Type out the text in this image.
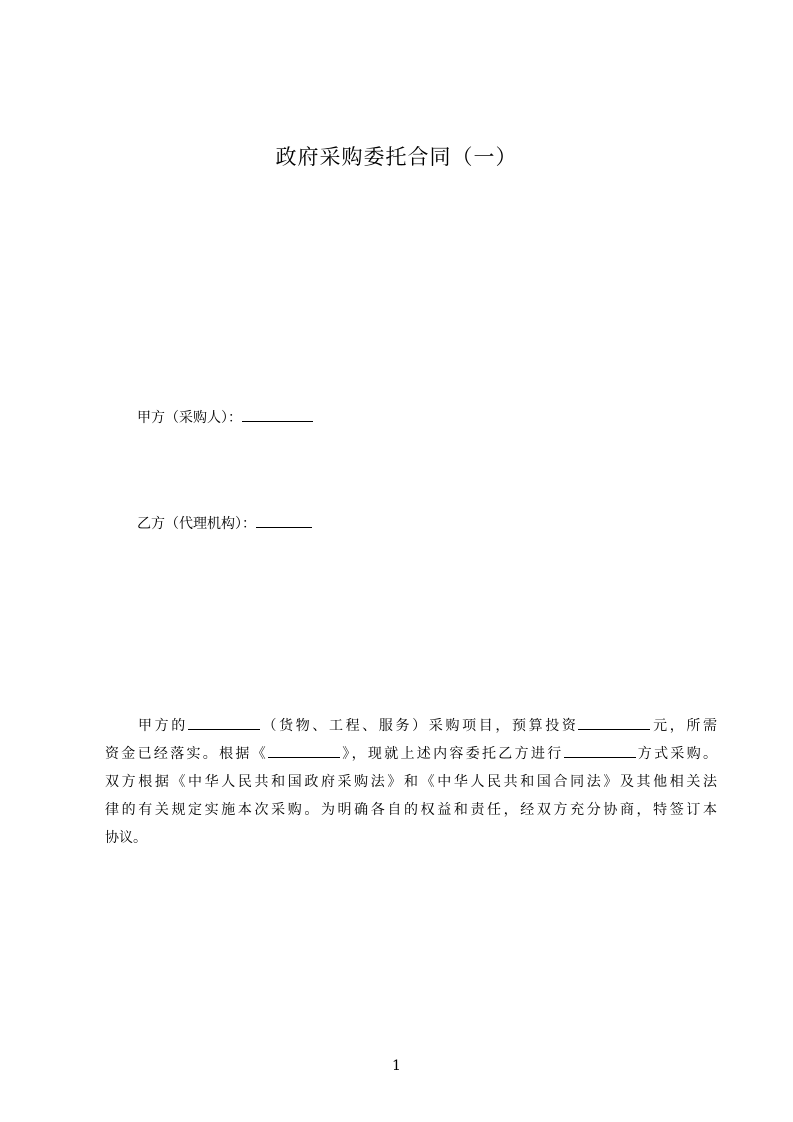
政府采购委托合同（一）
甲方（采购人）：
乙方（代理机构）：
甲方的	（货物、工程、服务）采购项目，预算投资	元，所需
资金已经落实。根据《	》，现就上述内容委托乙方进行	方式采购。
双方根据《中华人民共和国政府采购法》和《中华人民共和国合同法》及其他相关法
律的有关规定实施本次采购。为明确各自的权益和责任，经双方充分协商，特签订本
协议。
1
